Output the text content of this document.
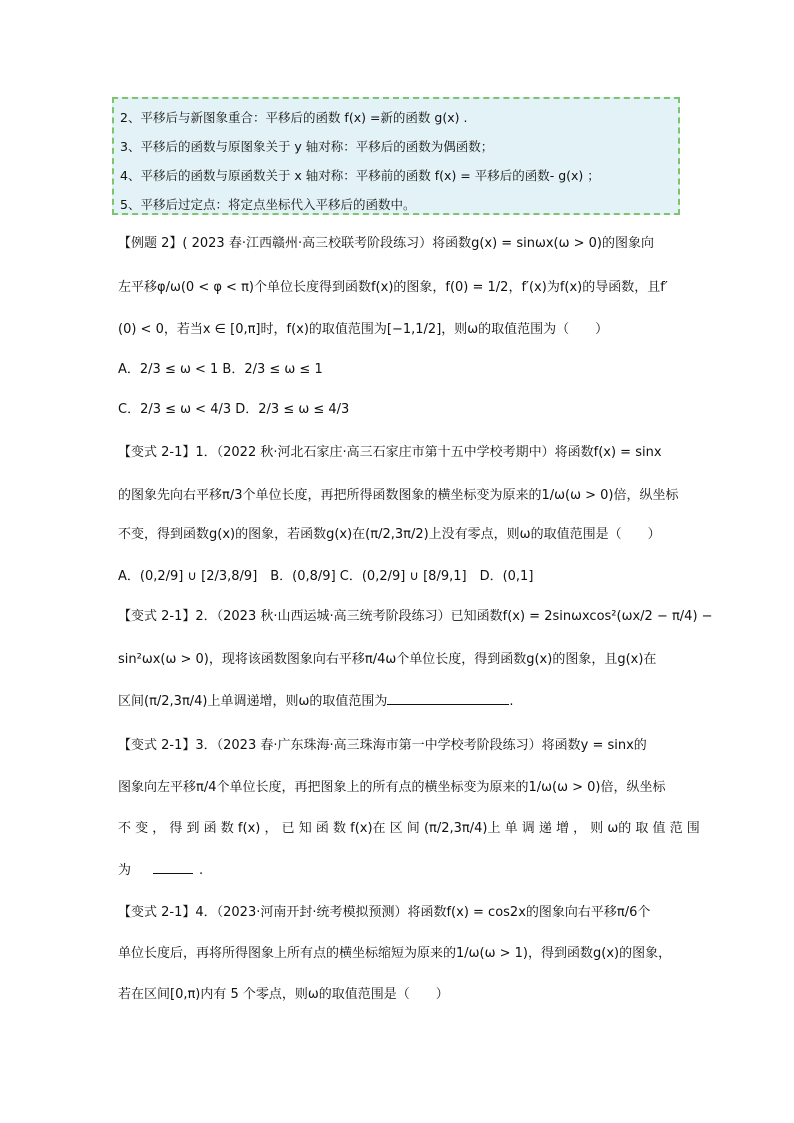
2、平移后与新图象重合：平移后的函数 f(x) =新的函数 g(x) .
3、平移后的函数与原图象关于 y 轴对称：平移后的函数为偶函数；
4、平移后的函数与原函数关于 x 轴对称：平移前的函数 f(x) = 平移后的函数- g(x) ；
5、平移后过定点：将定点坐标代入平移后的函数中。
【例题 2】( 2023 春·江西赣州·高三校联考阶段练习）将函数g(x) = sinωx(ω > 0)的图象向
左平移φ/ω(0 < φ < π)个单位长度得到函数f(x)的图象，f(0) = 1/2，f′(x)为f(x)的导函数，且f′
(0) < 0，若当x ∈ [0,π]时，f(x)的取值范围为[−1,1/2]，则ω的取值范围为（　　）
A．2/3 ≤ ω < 1 B．2/3 ≤ ω ≤ 1
C．2/3 ≤ ω < 4/3 D．2/3 ≤ ω ≤ 4/3
【变式 2-1】1．（2022 秋·河北石家庄·高三石家庄市第十五中学校考期中）将函数f(x) = sinx
的图象先向右平移π/3个单位长度，再把所得函数图象的横坐标变为原来的1/ω(ω > 0)倍，纵坐标
不变，得到函数g(x)的图象，若函数g(x)在(π/2,3π/2)上没有零点，则ω的取值范围是（　　）
A．(0,2/9] ∪ [2/3,8/9]　B．(0,8/9] C．(0,2/9] ∪ [8/9,1]　D．(0,1]
【变式 2-1】2．（2023 秋·山西运城·高三统考阶段练习）已知函数f(x) = 2sinωxcos²(ωx/2 − π/4) −
sin²ωx(ω > 0)，现将该函数图象向右平移π/4ω个单位长度，得到函数g(x)的图象，且g(x)在
区间(π/2,3π/4)上单调递增，则ω的取值范围为	.
【变式 2-1】3．（2023 春·广东珠海·高三珠海市第一中学校考阶段练习）将函数y = sinx的
图象向左平移π/4个单位长度，再把图象上的所有点的横坐标变为原来的1/ω(ω > 0)倍，纵坐标
不 变 ， 得 到 函 数 f(x) ， 已 知 函 数 f(x)在 区 间 (π/2,3π/4)上 单 调 递 增 ， 则 ω的 取 值 范 围
为	.
【变式 2-1】4．（2023·河南开封·统考模拟预测）将函数f(x) = cos2x的图象向右平移π/6个
单位长度后，再将所得图象上所有点的横坐标缩短为原来的1/ω(ω > 1)，得到函数g(x)的图象，
若在区间[0,π)内有 5 个零点，则ω的取值范围是（　　）
